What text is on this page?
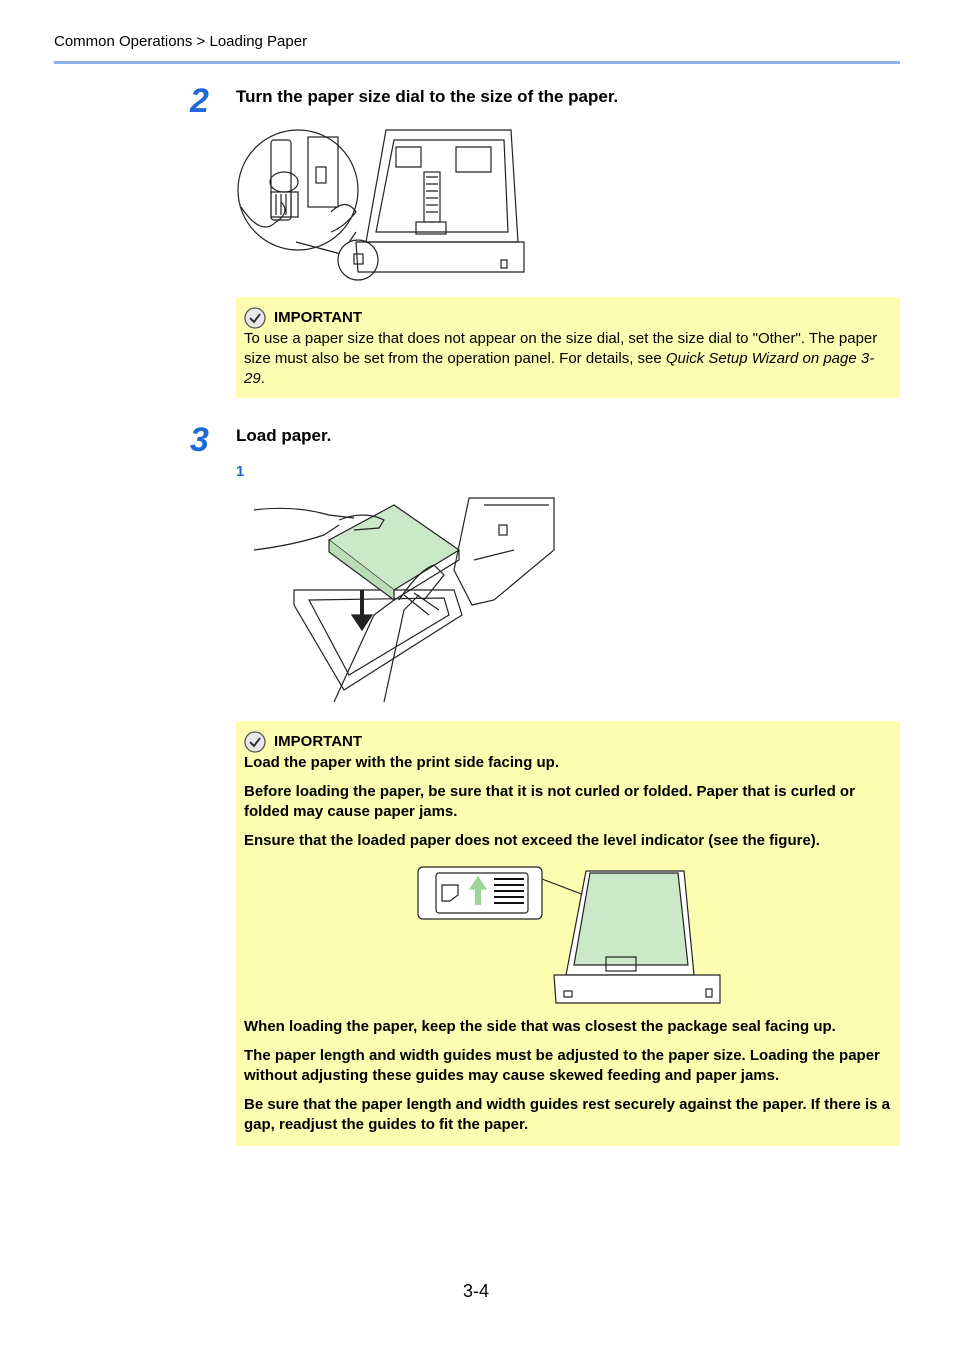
Common Operations > Loading Paper
2 Turn the paper size dial to the size of the paper.
IMPORTANT

To use a paper size that does not appear on the size dial, set the size dial to "Other". The paper size must also be set from the operation panel. For details, see Quick Setup Wizard on page 3-29.

3 Load paper.
1
IMPORTANT

Load the paper with the print side facing up.

Before loading the paper, be sure that it is not curled or folded. Paper that is curled or folded may cause paper jams.

Ensure that the loaded paper does not exceed the level indicator (see the figure).

When loading the paper, keep the side that was closest the package seal facing up.

The paper length and width guides must be adjusted to the paper size. Loading the paper without adjusting these guides may cause skewed feeding and paper jams.

Be sure that the paper length and width guides rest securely against the paper. If there is a gap, readjust the guides to fit the paper.

3-4
